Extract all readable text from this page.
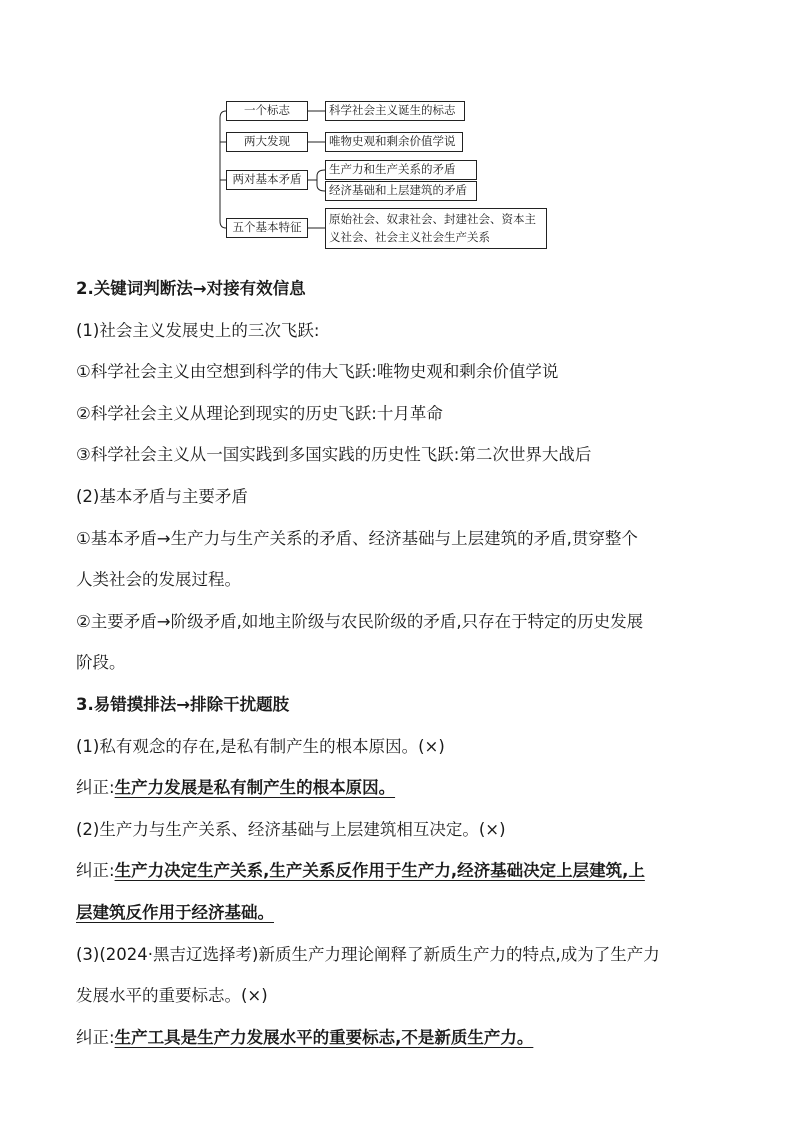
一个标志
两大发现
两对基本矛盾
五个基本特征
科学社会主义诞生的标志
唯物史观和剩余价值学说
生产力和生产关系的矛盾
经济基础和上层建筑的矛盾
原始社会、奴隶社会、封建社会、资本主义社会、社会主义社会生产关系
2.关键词判断法→对接有效信息
(1)社会主义发展史上的三次飞跃:
①科学社会主义由空想到科学的伟大飞跃:唯物史观和剩余价值学说
②科学社会主义从理论到现实的历史飞跃:十月革命
③科学社会主义从一国实践到多国实践的历史性飞跃:第二次世界大战后
(2)基本矛盾与主要矛盾
①基本矛盾→生产力与生产关系的矛盾、经济基础与上层建筑的矛盾,贯穿整个
人类社会的发展过程。
②主要矛盾→阶级矛盾,如地主阶级与农民阶级的矛盾,只存在于特定的历史发展
阶段。
3.易错摸排法→排除干扰题肢
(1)私有观念的存在,是私有制产生的根本原因。(×)
纠正:生产力发展是私有制产生的根本原因。
(2)生产力与生产关系、经济基础与上层建筑相互决定。(×)
纠正:生产力决定生产关系,生产关系反作用于生产力,经济基础决定上层建筑,上
层建筑反作用于经济基础。
(3)(2024·黑吉辽选择考)新质生产力理论阐释了新质生产力的特点,成为了生产力
发展水平的重要标志。(×)
纠正:生产工具是生产力发展水平的重要标志,不是新质生产力。
